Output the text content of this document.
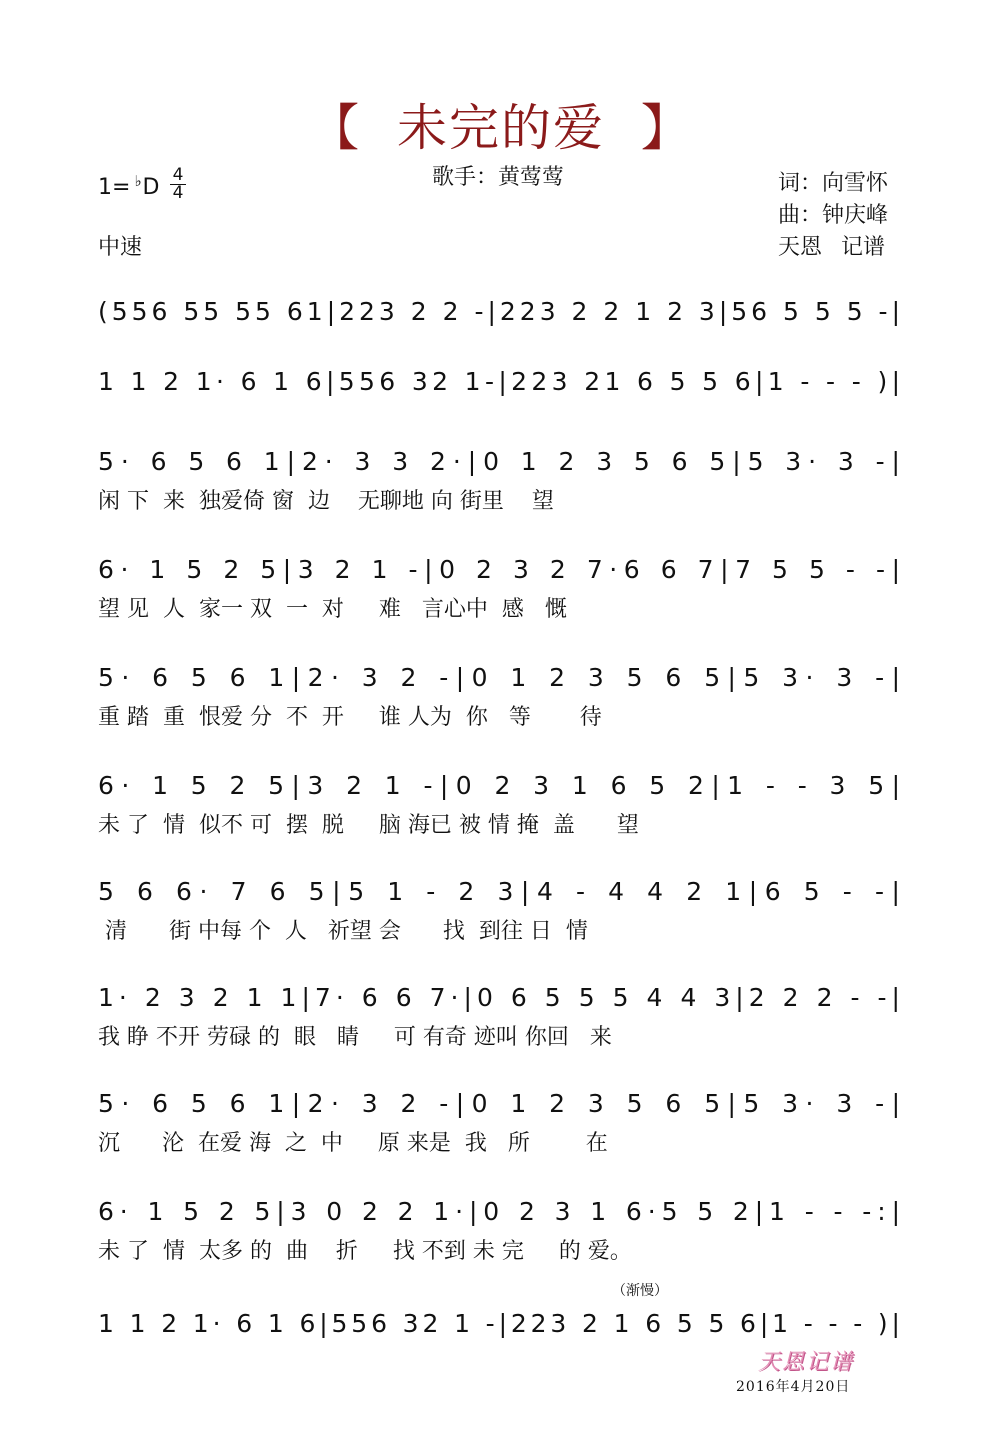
【  未完的爱  】
1= ♭D 4
4
歌手：黄莺莺	词：向雪怀
曲：钟庆峰
天恩 记谱
中速
(556 55 55 61|223 2 2 -|223 2 2 1 2 3|56 5 5 5 -|
1 1 2 1· 6 1 6|556 32 1-|223 21 6 5 5 6|1 - - - )|
5· 6 5 6 1|2· 3 3 2·|0 1 2 3 5 6 5|5 3· 3 -|
闲 下  来  独爱倚 窗  边    无聊地 向 街里    望
6· 1 5 2 5|3 2 1 -|0 2 3 2 7·6 6 7|7 5 5 - -|
望 见  人  家一 双  一  对     难   言心中  感   慨
5· 6 5 6 1|2· 3 2 -|0 1 2 3 5 6 5|5 3· 3 -|
重 踏  重  恨爱 分  不  开     谁 人为  你   等       待
6· 1 5 2 5|3 2 1 -|0 2 3 1 6 5 2|1 - - 3 5|
未 了  情  似不 可  摆  脱     脑 海已 被 情 掩  盖      望
5 6 6· 7 6 5|5 1 - 2 3|4 - 4 4 2 1|6 5 - -|
清      街 中每 个  人   祈望 会      找  到往 日  情
1· 2 3 2 1 1|7· 6 6 7·|0 6 5 5 5 4 4 3|2 2 2 - -|
我 睁 不开 劳碌 的  眼   睛     可 有奇 迹叫 你回   来
5· 6 5 6 1|2· 3 2 -|0 1 2 3 5 6 5|5 3· 3 -|
沉      沦  在爱 海  之  中     原 来是  我   所        在
6· 1 5 2 5|3 0 2 2 1·|0 2 3 1 6·5 5 2|1 - - -:|
未 了  情  太多 的  曲    折     找 不到 未 完     的 爱。
1 1 2 1· 6 1 6|556 32 1 -|223 2 1 6 5 5 6|1 - - - )|
（渐慢）
天恩记谱
2016年4月20日
